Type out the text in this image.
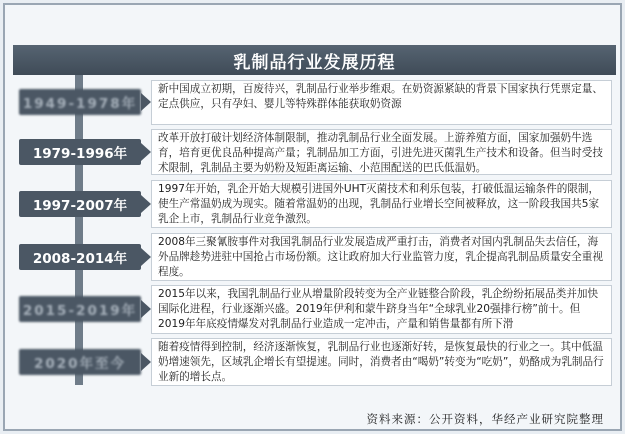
乳制品行业发展历程
1949-1978年
新中国成立初期，百废待兴，乳制品行业举步维艰。在奶资源紧缺的背景下国家执行凭票定量、定点供应，只有孕妇、婴儿等特殊群体能获取奶资源
1979-1996年
改革开放打破计划经济体制限制，推动乳制品行业全面发展。上游养殖方面，国家加强奶牛选育，培育更优良品种提高产量；乳制品加工方面，引进先进灭菌乳生产技术和设备。但当时受技术限制，乳制品主要为奶粉及短距离运输、小范围配送的巴氏低温奶。
1997-2007年
1997年开始，乳企开始大规模引进国外UHT灭菌技术和利乐包装，打破低温运输条件的限制，使生产常温奶成为现实。随着常温奶的出现，乳制品行业增长空间被释放，这一阶段我国共5家乳企上市，乳制品行业竞争激烈。
2008-2014年
2008年三聚氰胺事件对我国乳制品行业发展造成严重打击，消费者对国内乳制品失去信任，海外品牌趁势进驻中国抢占市场份额。这让政府加大行业监管力度，乳企提高乳制品质量安全重视程度。
2015-2019年
2015年以来，我国乳制品行业从增量阶段转变为全产业链整合阶段，乳企纷纷拓展品类并加快国际化进程，行业逐渐兴盛。2019年伊利和蒙牛跻身当年“全球乳业20强排行榜”前十。但2019年年底疫情爆发对乳制品行业造成一定冲击，产量和销售量都有所下滑
2020年至今
随着疫情得到控制，经济逐渐恢复，乳制品行业也逐渐好转，是恢复最快的行业之一。其中低温奶增速领先，区域乳企增长有望提速。同时，消费者由“喝奶”转变为“吃奶”，奶酪成为乳制品行业新的增长点。
资料来源：公开资料，华经产业研究院整理
